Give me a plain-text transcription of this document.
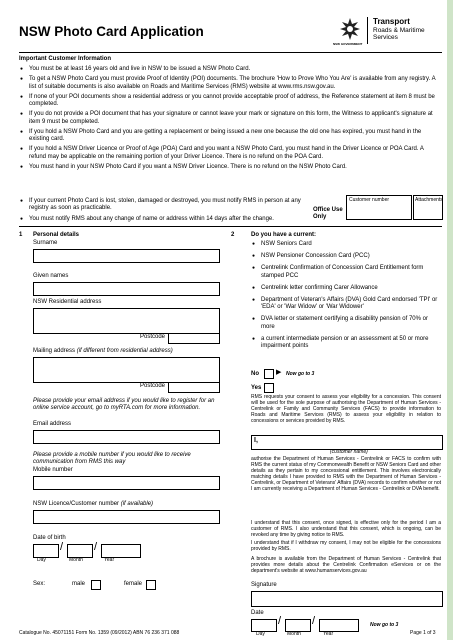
NSW Photo Card Application
NSW GOVERNMENT
Transport
Roads & Maritime
Services
Important Customer Information
● You must be at least 16 years old and live in NSW to be issued a NSW Photo Card.
● To get a NSW Photo Card you must provide Proof of Identity (POI) documents. The brochure 'How to Prove Who You Are' is available from any registry. A list of suitable documents is also available on Roads and Maritime Services (RMS) website at www.rms.nsw.gov.au.
● If none of your POI documents show a residential address or you cannot provide acceptable proof of address, the Reference statement at item 8 must be completed.
● If you do not provide a POI document that has your signature or cannot leave your mark or signature on this form, the Witness to applicant's signature at item 9 must be completed.
● If you hold a NSW Photo Card and you are getting a replacement or being issued a new one because the old one has expired, you must hand in the existing card.
● If you hold a NSW Driver Licence or Proof of Age (POA) Card and you want a NSW Photo Card, you must hand in the Driver Licence or POA Card. A refund may be applicable on the remaining portion of your Driver Licence. There is no refund on the POA Card.
● You must hand in your NSW Photo Card if you want a NSW Driver Licence. There is no refund on the NSW Photo Card.
● If your current Photo Card is lost, stolen, damaged or destroyed, you must notify RMS in person at any registry as soon as practicable.
● You must notify RMS about any change of name or address within 14 days after the change.
Office Use Only
Customer number	Attachments
1 Personal details
Surname
Given names
NSW Residential address
Postcode
Mailing address (if different from residential address)
Postcode
Please provide your email address if you would like to register for an online service account, go to myRTA.com for more information.
Email address
Please provide a mobile number if you would like to receive communication from RMS this way
Mobile number
NSW Licence/Customer number (if available)
Date of birth
/	/
Day	Month	Year
Sex:	male	female
2	Do you have a current:
● NSW Seniors Card
● NSW Pensioner Concession Card (PCC)
● Centrelink Confirmation of Concession Card Entitlement form stamped PCC
● Centrelink letter confirming Carer Allowance
● Department of Veteran's Affairs (DVA) Gold Card endorsed 'TPI' or 'EDA' or 'War Widow' or 'War Widower'
● DVA letter or statement certifying a disability pension of 70% or more
● a current intermediate pension or an assessment at 50 or more impairment points
No ▶ Now go to 3
Yes
RMS requests your consent to assess your eligibility for a concession. This consent will be used for the sole purpose of authorising the Department of Human Services - Centrelink or Family and Community Services (FACS) to provide information to Roads and Maritime Services (RMS) to assess your eligibility in relation to concessions or services provided by RMS.
I,
(customer name)
authorise the Department of Human Services - Centrelink or FACS to confirm with RMS the current status of my Commonwealth Benefit or NSW Seniors Card and other details as they pertain to my concessional entitlement. This involves electronically matching details I have provided to RMS with the Department of Human Services - Centrelink, or Department of Veterans' Affairs (DVA) records to confirm whether or not I am currently receiving a Department of Human Services - Centrelink or DVA benefit.
I understand that this consent, once signed, is effective only for the period I am a customer of RMS. I also understand that this consent, which is ongoing, can be revoked any time by giving notice to RMS.
I understand that if I withdraw my consent, I may not be eligible for the concessions provided by RMS.
A brochure is available from the Department of Human Services - Centrelink that provides more details about the Centrelink Confirmation eServices or on the department's website at www.humanservices.gov.au
Signature
Date
/	/
Day	Month	Year
Now go to 3
Catalogue No. 45071151 Form No. 1359 (09/2012) ABN 76 236 371 088	Page 1 of 3
